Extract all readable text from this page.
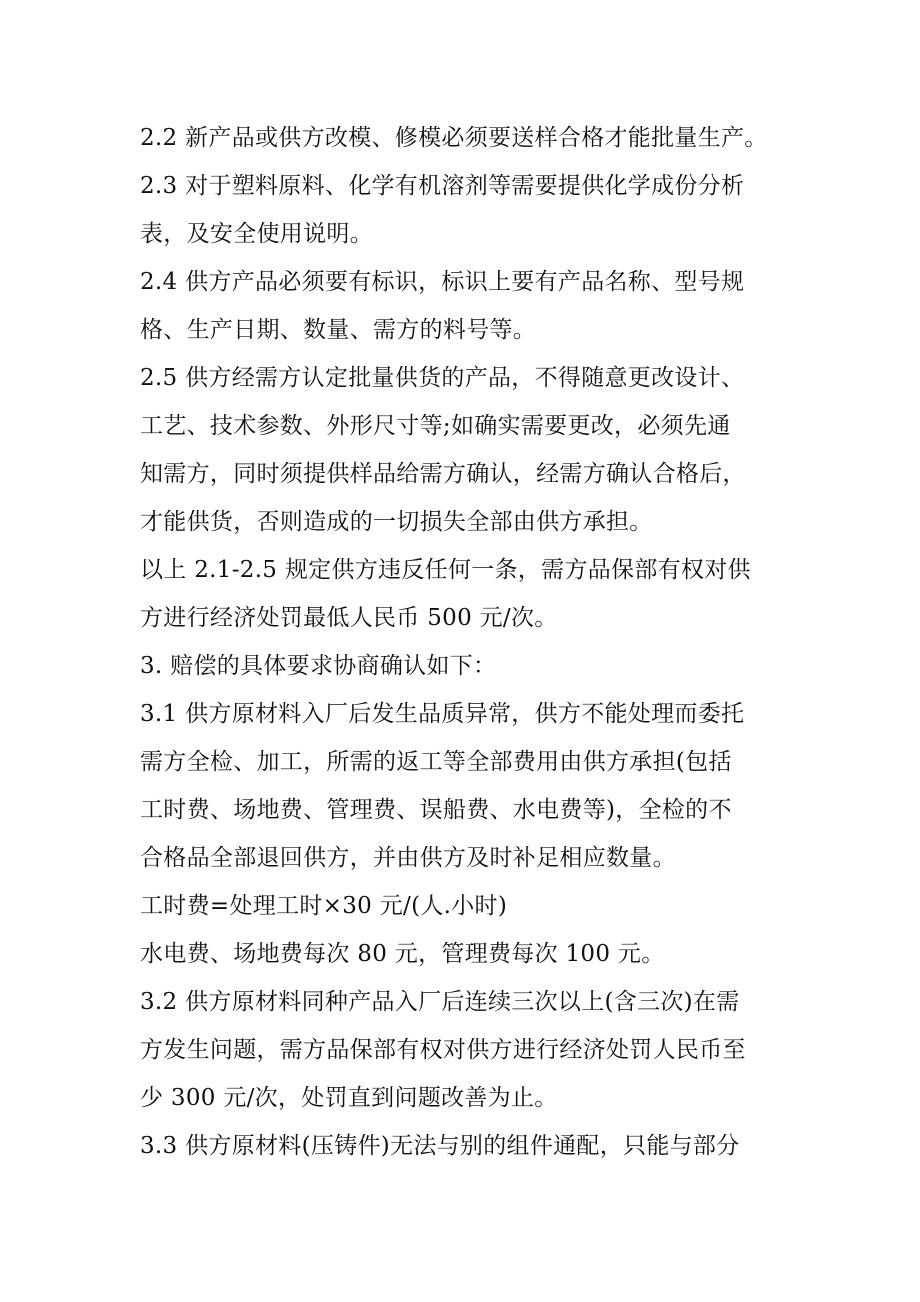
2.2 新产品或供方改模、修模必须要送样合格才能批量生产。
2.3 对于塑料原料、化学有机溶剂等需要提供化学成份分析
表，及安全使用说明。
2.4 供方产品必须要有标识，标识上要有产品名称、型号规
格、生产日期、数量、需方的料号等。
2.5 供方经需方认定批量供货的产品，不得随意更改设计、
工艺、技术参数、外形尺寸等;如确实需要更改，必须先通
知需方，同时须提供样品给需方确认，经需方确认合格后，
才能供货，否则造成的一切损失全部由供方承担。
以上 2.1-2.5 规定供方违反任何一条，需方品保部有权对供
方进行经济处罚最低人民币 500 元/次。
3. 赔偿的具体要求协商确认如下：
3.1 供方原材料入厂后发生品质异常，供方不能处理而委托
需方全检、加工，所需的返工等全部费用由供方承担(包括
工时费、场地费、管理费、误船费、水电费等)，全检的不
合格品全部退回供方，并由供方及时补足相应数量。
工时费=处理工时×30 元/(人.小时)
水电费、场地费每次 80 元，管理费每次 100 元。
3.2 供方原材料同种产品入厂后连续三次以上(含三次)在需
方发生问题，需方品保部有权对供方进行经济处罚人民币至
少 300 元/次，处罚直到问题改善为止。
3.3 供方原材料(压铸件)无法与别的组件通配，只能与部分
